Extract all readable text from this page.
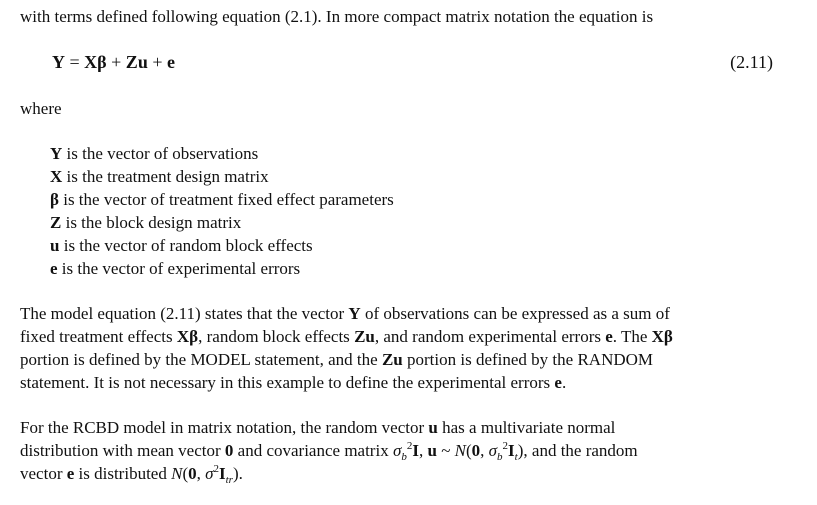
with terms defined following equation (2.1). In more compact matrix notation the equation is
Y = Xβ + Zu + e	(2.11)
where
Y is the vector of observations
X is the treatment design matrix
β is the vector of treatment fixed effect parameters
Z is the block design matrix
u is the vector of random block effects
e is the vector of experimental errors
The model equation (2.11) states that the vector Y of observations can be expressed as a sum of
fixed treatment effects Xβ, random block effects Zu, and random experimental errors e. The Xβ
portion is defined by the MODEL statement, and the Zu portion is defined by the RANDOM
statement. It is not necessary in this example to define the experimental errors e.
For the RCBD model in matrix notation, the random vector u has a multivariate normal
distribution with mean vector 0 and covariance matrix $\sigma_b^2I$, u ~ N(0, $\sigma_b^2I_t$), and the random
vector e is distributed N(0, $\sigma^2I_{tr}$).
